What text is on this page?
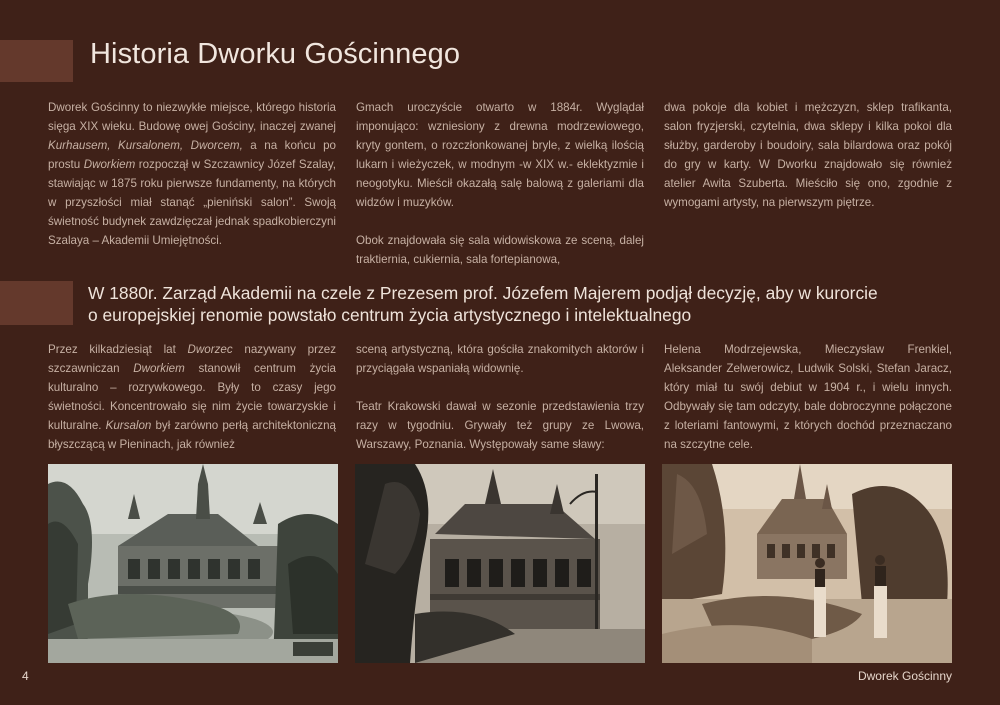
Historia Dworku Gościnnego

Dworek Gościnny to niezwykłe miejsce, którego historia sięga XIX wieku. Budowę owej Gościny, inaczej zwanej Kurhausem, Kursalonem, Dworcem, a na końcu po prostu Dworkiem rozpoczął w Szczawnicy Józef Szalay, stawiając w 1875 roku pierwsze fundamenty, na których w przyszłości miał stanąć „pieniński salon”. Swoją świetność budynek zawdzięczał jednak spadkobierczyni Szalaya – Akademii Umiejętności.

Gmach uroczyście otwarto w 1884r. Wyglądał imponująco: wzniesiony z drewna modrzewiowego, kryty gontem, o rozczłonkowanej bryle, z wielką ilością lukarn i wieżyczek, w modnym -w XIX w.- eklektyzmie i neogotyku. Mieścił okazałą salę balową z galeriami dla widzów i muzyków.

Obok znajdowała się sala widowiskowa ze sceną, dalej traktiernia, cukiernia, sala fortepianowa,

dwa pokoje dla kobiet i mężczyzn, sklep trafikanta, salon fryzjerski, czytelnia, dwa sklepy i kilka pokoi dla służby, garderoby i boudoiry, sala bilardowa oraz pokój do gry w karty. W Dworku znajdowało się również atelier Awita Szuberta. Mieściło się ono, zgodnie z wymogami artysty, na pierwszym piętrze.

W 1880r. Zarząd Akademii na czele z Prezesem prof. Józefem Majerem podjął decyzję, aby w kurorcie
o europejskiej renomie powstało centrum życia artystycznego i intelektualnego

Przez kilkadziesiąt lat Dworzec nazywany przez szczawniczan Dworkiem stanowił centrum życia kulturalno – rozrywkowego. Były to czasy jego świetności. Koncentrowało się nim życie towarzyskie i kulturalne. Kursalon był zarówno perłą architektoniczną błyszczącą w Pieninach, jak również

sceną artystyczną, która gościła znakomitych aktorów i przyciągała wspaniałą widownię.

Teatr Krakowski dawał w sezonie przedstawienia trzy razy w tygodniu. Grywały też grupy ze Lwowa, Warszawy, Poznania. Występowały same sławy:

Helena Modrzejewska, Mieczysław Frenkiel, Aleksander Zelwerowicz, Ludwik Solski, Stefan Jaracz, który miał tu swój debiut w 1904 r., i wielu innych. Odbywały się tam odczyty, bale dobroczynne połączone z loteriami fantowymi, z których dochód przeznaczano na szczytne cele.

4	Dworek Gościnny
